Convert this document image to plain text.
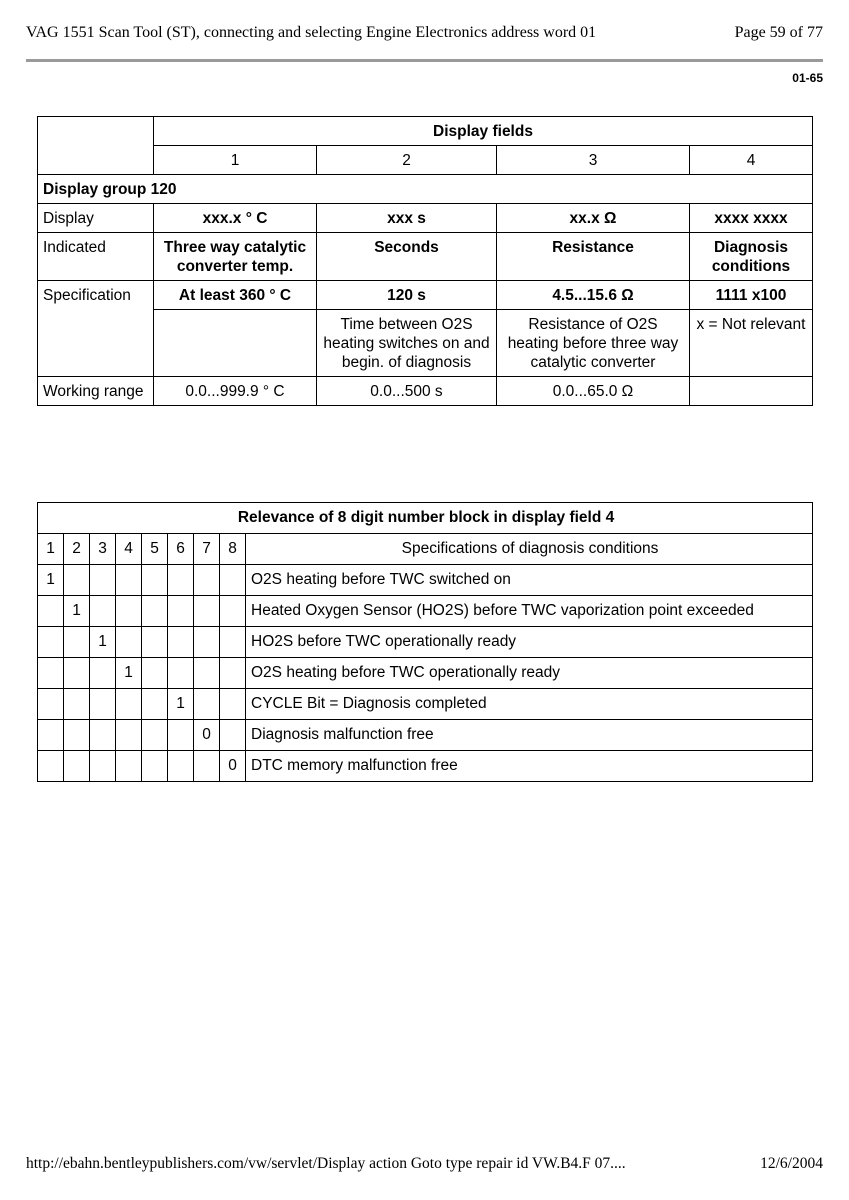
VAG 1551 Scan Tool (ST), connecting and selecting Engine Electronics address word 01	Page 59 of 77
01-65
	Display fields			
	1	2	3	4
Display group 120				
Display	xxx.x ° C	xxx s	xx.x Ω	xxxx xxxx
Indicated	Three way catalytic converter temp.	Seconds	Resistance	Diagnosis conditions
Specification	At least 360 ° C	120 s	4.5...15.6 Ω	1111 x100
		Time between O2S heating switches on and begin. of diagnosis	Resistance of O2S heating before three way catalytic converter	x = Not relevant
Working range	0.0...999.9 ° C	0.0...500 s	0.0...65.0 Ω	
Relevance of 8 digit number block in display field 4								
1	2	3	4	5	6	7	8	Specifications of diagnosis conditions
1								O2S heating before TWC switched on
	1							Heated Oxygen Sensor (HO2S) before TWC vaporization point exceeded
		1						HO2S before TWC operationally ready
			1					O2S heating before TWC operationally ready
					1			CYCLE Bit = Diagnosis completed
						0		Diagnosis malfunction free
							0	DTC memory malfunction free
http://ebahn.bentleypublishers.com/vw/servlet/Display action Goto type repair id VW.B4.F 07....	12/6/2004
